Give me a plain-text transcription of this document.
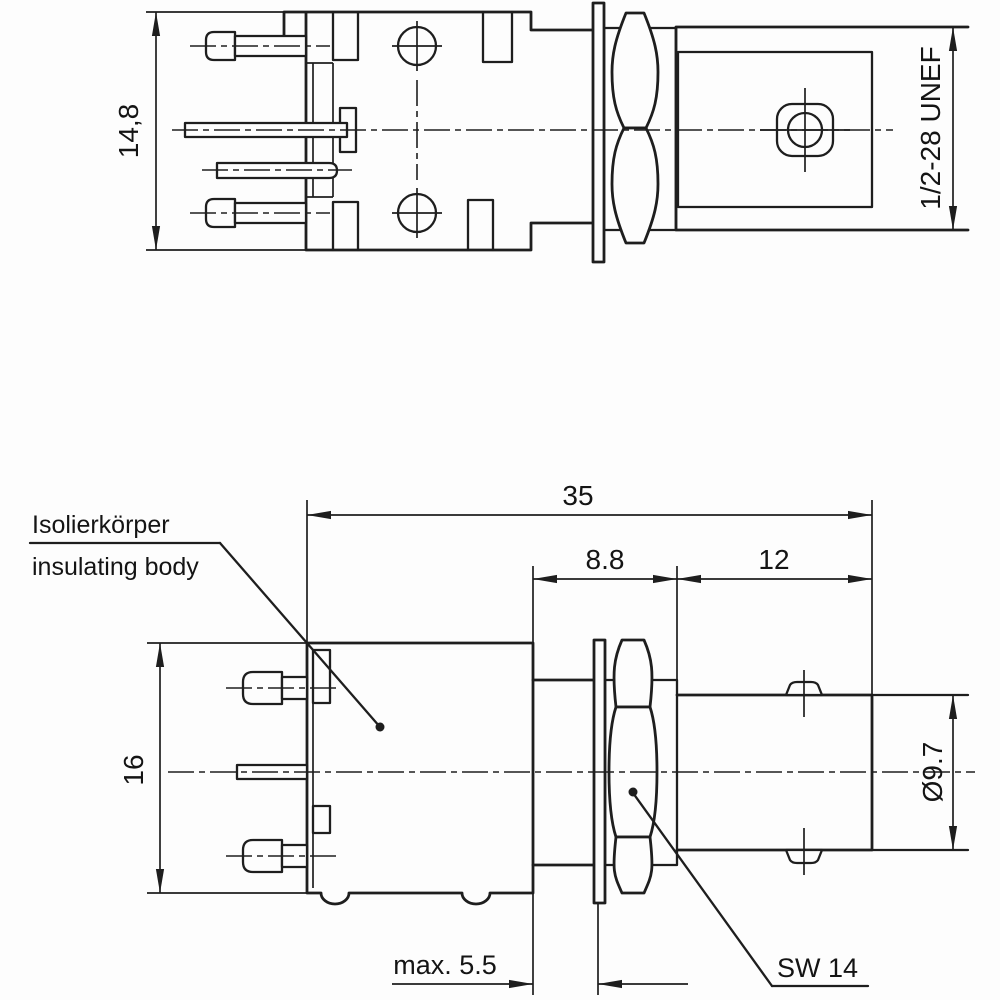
14,8	1/2-28 UNEF
35
8.8	12
16	Ø9.7
max. 5.5	SW 14
Isolierkörper
insulating body
